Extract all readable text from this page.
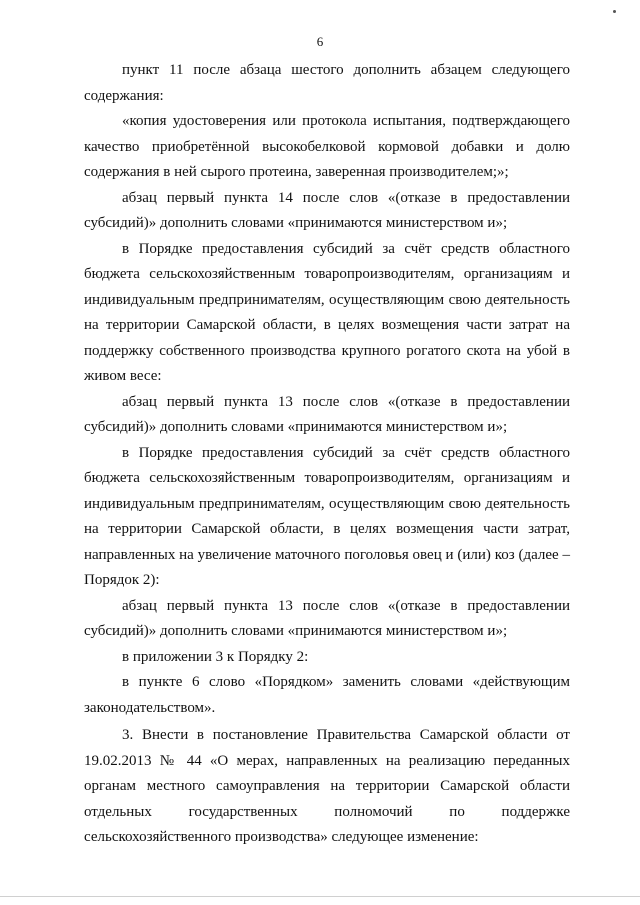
6

пункт 11 после абзаца шестого дополнить абзацем следующего содержания:

«копия удостоверения или протокола испытания, подтверждающего качество приобретённой высокобелковой кормовой добавки и долю содержания в ней сырого протеина, заверенная производителем;»;

абзац первый пункта 14 после слов «(отказе в предоставлении субсидий)» дополнить словами «принимаются министерством и»;

в Порядке предоставления субсидий за счёт средств областного бюджета сельскохозяйственным товаропроизводителям, организациям и индивидуальным предпринимателям, осуществляющим свою деятельность на территории Самарской области, в целях возмещения части затрат на поддержку собственного производства крупного рогатого скота на убой в живом весе:

абзац первый пункта 13 после слов «(отказе в предоставлении субсидий)» дополнить словами «принимаются министерством и»;

в Порядке предоставления субсидий за счёт средств областного бюджета сельскохозяйственным товаропроизводителям, организациям и индивидуальным предпринимателям, осуществляющим свою деятельность на территории Самарской области, в целях возмещения части затрат, направленных на увеличение маточного поголовья овец и (или) коз (далее – Порядок 2):

абзац первый пункта 13 после слов «(отказе в предоставлении субсидий)» дополнить словами «принимаются министерством и»;

в приложении 3 к Порядку 2:

в пункте 6 слово «Порядком» заменить словами «действующим законодательством».

3. Внести в постановление Правительства Самарской области от 19.02.2013 № 44 «О мерах, направленных на реализацию переданных органам местного самоуправления на территории Самарской области отдельных государственных полномочий по поддержке сельскохозяйственного производства» следующее изменение:
